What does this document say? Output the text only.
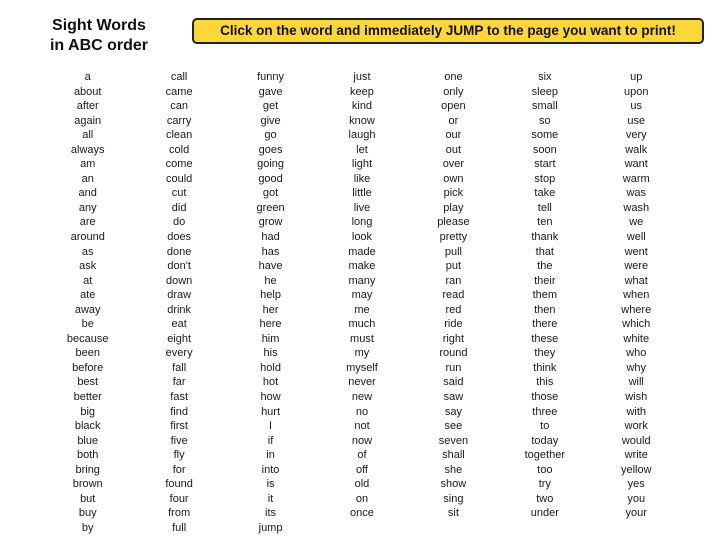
Sight Words
in ABC order
Click on the word and immediately JUMP to the page you want to print!
a
about
after
again
all
always
am
an
and
any
are
around
as
ask
at
ate
away
be
because
been
before
best
better
big
black
blue
both
bring
brown
but
buy
by
call
came
can
carry
clean
cold
come
could
cut
did
do
does
done
don't
down
draw
drink
eat
eight
every
fall
far
fast
find
first
five
fly
for
found
four
from
full
funny
gave
get
give
go
goes
going
good
got
green
grow
had
has
have
he
help
her
here
him
his
hold
hot
how
hurt
I
if
in
into
is
it
its
jump
just
keep
kind
know
laugh
let
light
like
little
live
long
look
made
make
many
may
me
much
must
my
myself
never
new
no
not
now
of
off
old
on
once
one
only
open
or
our
out
over
own
pick
play
please
pretty
pull
put
ran
read
red
ride
right
round
run
said
saw
say
see
seven
shall
she
show
sing
sit
six
sleep
small
so
some
soon
start
stop
take
tell
ten
thank
that
the
their
them
then
there
these
they
think
this
those
three
to
today
together
too
try
two
under
up
upon
us
use
very
walk
want
warm
was
wash
we
well
went
were
what
when
where
which
white
who
why
will
wish
with
work
would
write
yellow
yes
you
your
